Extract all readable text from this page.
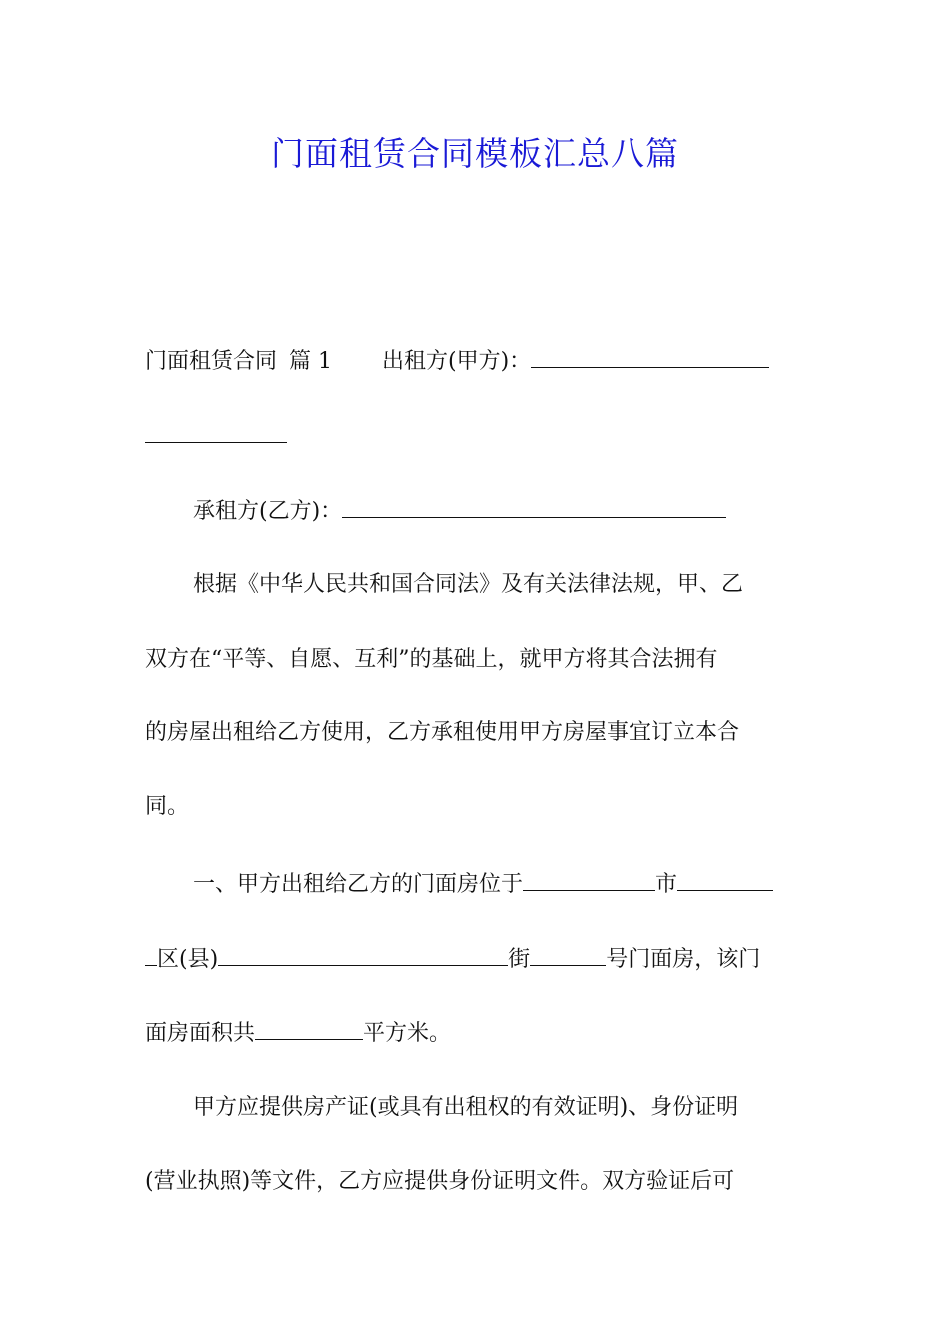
门面租赁合同模板汇总八篇
门面租赁合同 篇 1 出租方(甲方)：
承租方(乙方)：
根据《中华人民共和国合同法》及有关法律法规，甲、乙
双方在“平等、自愿、互利”的基础上，就甲方将其合法拥有
的房屋出租给乙方使用，乙方承租使用甲方房屋事宜订立本合
同。
一、甲方出租给乙方的门面房位于	市
区(县)	街	号门面房，该门
面房面积共	平方米。
甲方应提供房产证(或具有出租权的有效证明)、身份证明
(营业执照)等文件，乙方应提供身份证明文件。双方验证后可
